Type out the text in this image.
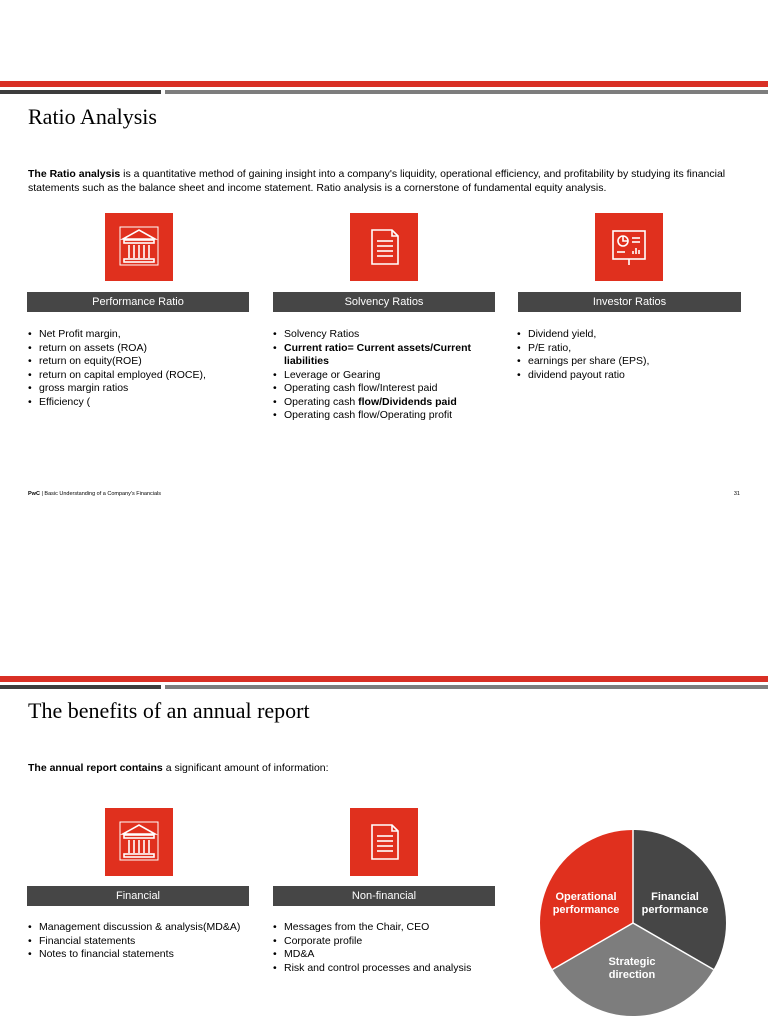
Ratio Analysis
The Ratio analysis is a quantitative method of gaining insight into a company's liquidity, operational efficiency, and profitability by studying its financial statements such as the balance sheet and income statement. Ratio analysis is a cornerstone of fundamental equity analysis.
Performance Ratio
• Net Profit margin,
• return on assets (ROA)
• return on equity(ROE)
• return on capital employed (ROCE),
• gross margin ratios
• Efficiency (
Solvency Ratios
• Solvency Ratios
• Current ratio= Current assets/Current liabilities
• Leverage or Gearing
• Operating cash flow/Interest paid
• Operating cash flow/Dividends paid
• Operating cash flow/Operating profit
Investor Ratios
• Dividend yield,
• P/E ratio,
• earnings per share (EPS),
• dividend payout ratio
PwC | Basic Understanding of a Company's Financials	31
The benefits of an annual report
The annual report contains a significant amount of information:
Financial
• Management discussion & analysis(MD&A)
• Financial statements
• Notes to financial statements
Non-financial
• Messages from the Chair, CEO
• Corporate profile
• MD&A
• Risk and control processes and analysis
Operational
performance
Financial
performance
Strategic
direction
